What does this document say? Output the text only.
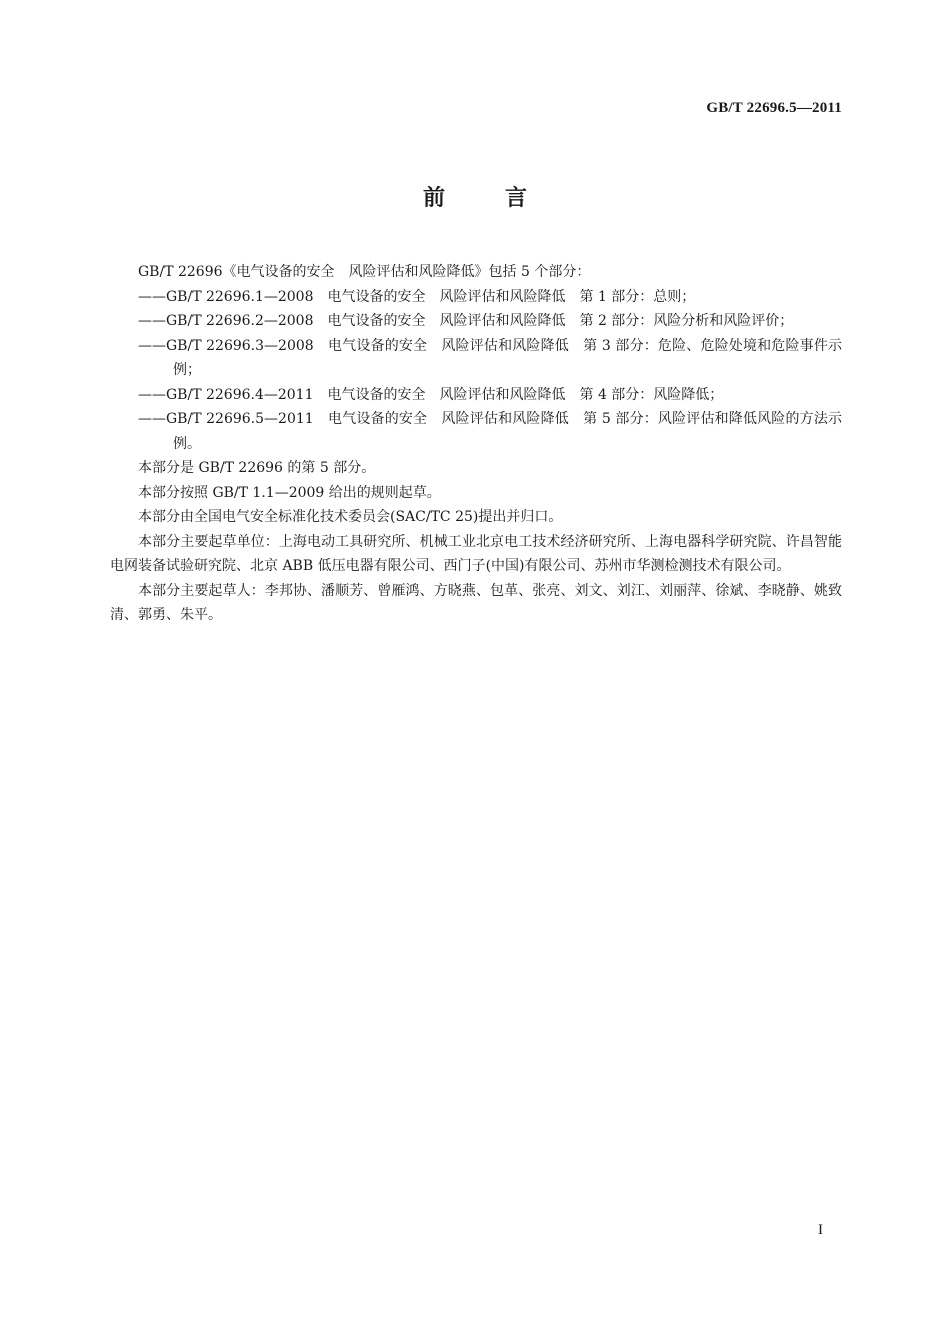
GB/T 22696.5—2011
前言

GB/T 22696《电气设备的安全　风险评估和风险降低》包括 5 个部分：

——GB/T 22696.1—2008　电气设备的安全　风险评估和风险降低　第 1 部分：总则；

——GB/T 22696.2—2008　电气设备的安全　风险评估和风险降低　第 2 部分：风险分析和风险评价；

——GB/T 22696.3—2008　电气设备的安全　风险评估和风险降低　第 3 部分：危险、危险处境和危险事件示例；

——GB/T 22696.4—2011　电气设备的安全　风险评估和风险降低　第 4 部分：风险降低；

——GB/T 22696.5—2011　电气设备的安全　风险评估和风险降低　第 5 部分：风险评估和降低风险的方法示例。

本部分是 GB/T 22696 的第 5 部分。

本部分按照 GB/T 1.1—2009 给出的规则起草。

本部分由全国电气安全标准化技术委员会(SAC/TC 25)提出并归口。

本部分主要起草单位：上海电动工具研究所、机械工业北京电工技术经济研究所、上海电器科学研究院、许昌智能电网装备试验研究院、北京 ABB 低压电器有限公司、西门子(中国)有限公司、苏州市华测检测技术有限公司。

本部分主要起草人：李邦协、潘顺芳、曾雁鸿、方晓燕、包革、张亮、刘文、刘江、刘丽萍、徐斌、李晓静、姚致清、郭勇、朱平。

I
